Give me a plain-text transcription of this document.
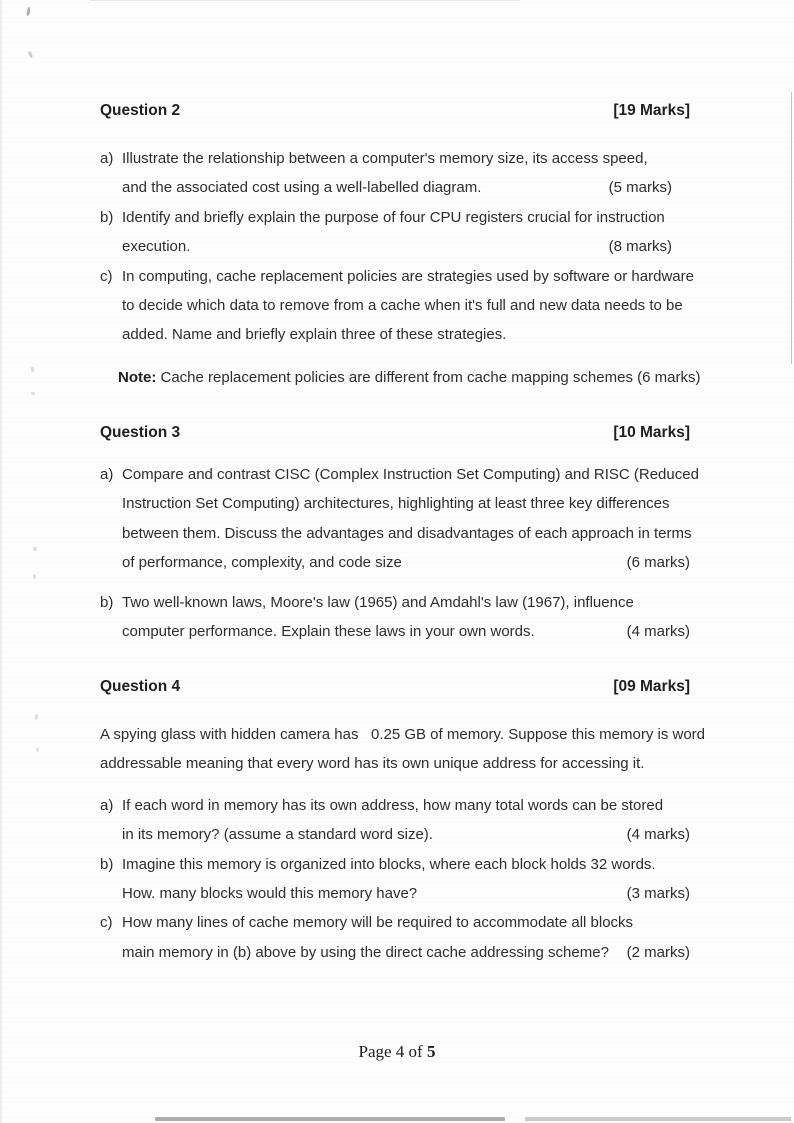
Question 2	[19 Marks]
a) Illustrate the relationship between a computer's memory size, its access speed,
and the associated cost using a well-labelled diagram.	(5 marks)
b) Identify and briefly explain the purpose of four CPU registers crucial for instruction
execution.	(8 marks)
c) In computing, cache replacement policies are strategies used by software or hardware
to decide which data to remove from a cache when it's full and new data needs to be
added. Name and briefly explain three of these strategies.
Note: Cache replacement policies are different from cache mapping schemes (6 marks)
Question 3	[10 Marks]
a) Compare and contrast CISC (Complex Instruction Set Computing) and RISC (Reduced
Instruction Set Computing) architectures, highlighting at least three key differences
between them. Discuss the advantages and disadvantages of each approach in terms
of performance, complexity, and code size	(6 marks)
b) Two well-known laws, Moore's law (1965) and Amdahl's law (1967), influence
computer performance. Explain these laws in your own words.	(4 marks)
Question 4	[09 Marks]
A spying glass with hidden camera has   0.25 GB of memory. Suppose this memory is word
addressable meaning that every word has its own unique address for accessing it.
a) If each word in memory has its own address, how many total words can be stored
in its memory? (assume a standard word size).	(4 marks)
b) Imagine this memory is organized into blocks, where each block holds 32 words.
How. many blocks would this memory have?	(3 marks)
c) How many lines of cache memory will be required to accommodate all blocks
main memory in (b) above by using the direct cache addressing scheme? (2 marks)
Page 4 of 5
